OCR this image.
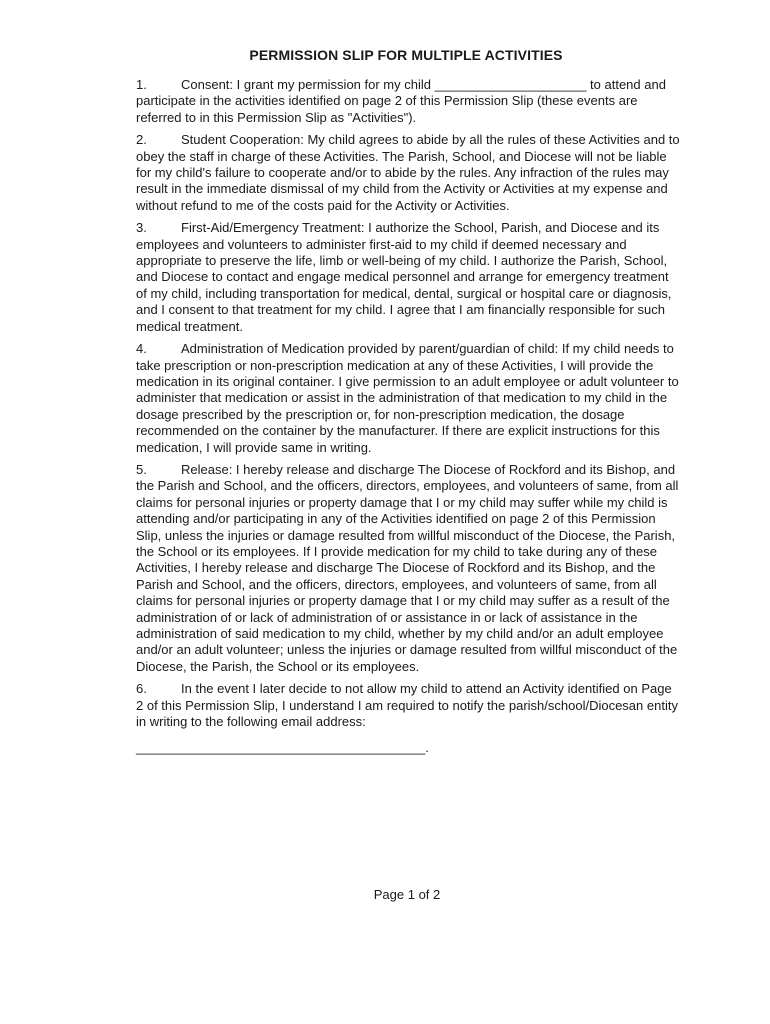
PERMISSION SLIP FOR MULTIPLE ACTIVITIES

1.	Consent: I grant my permission for my child _____________________ to attend and participate in the activities identified on page 2 of this Permission Slip (these events are referred to in this Permission Slip as "Activities").

2.	Student Cooperation: My child agrees to abide by all the rules of these Activities and to obey the staff in charge of these Activities. The Parish, School, and Diocese will not be liable for my child's failure to cooperate and/or to abide by the rules. Any infraction of the rules may result in the immediate dismissal of my child from the Activity or Activities at my expense and without refund to me of the costs paid for the Activity or Activities.

3.	First-Aid/Emergency Treatment: I authorize the School, Parish, and Diocese and its employees and volunteers to administer first-aid to my child if deemed necessary and appropriate to preserve the life, limb or well-being of my child. I authorize the Parish, School, and Diocese to contact and engage medical personnel and arrange for emergency treatment of my child, including transportation for medical, dental, surgical or hospital care or diagnosis, and I consent to that treatment for my child. I agree that I am financially responsible for such medical treatment.

4.	Administration of Medication provided by parent/guardian of child: If my child needs to take prescription or non-prescription medication at any of these Activities, I will provide the medication in its original container. I give permission to an adult employee or adult volunteer to administer that medication or assist in the administration of that medication to my child in the dosage prescribed by the prescription or, for non-prescription medication, the dosage recommended on the container by the manufacturer. If there are explicit instructions for this medication, I will provide same in writing.

5.	Release: I hereby release and discharge The Diocese of Rockford and its Bishop, and the Parish and School, and the officers, directors, employees, and volunteers of same, from all claims for personal injuries or property damage that I or my child may suffer while my child is attending and/or participating in any of the Activities identified on page 2 of this Permission Slip, unless the injuries or damage resulted from willful misconduct of the Diocese, the Parish, the School or its employees. If I provide medication for my child to take during any of these Activities, I hereby release and discharge The Diocese of Rockford and its Bishop, and the Parish and School, and the officers, directors, employees, and volunteers of same, from all claims for personal injuries or property damage that I or my child may suffer as a result of the administration of or lack of administration of or assistance in or lack of assistance in the administration of said medication to my child, whether by my child and/or an adult employee and/or an adult volunteer; unless the injuries or damage resulted from willful misconduct of the Diocese, the Parish, the School or its employees.

6.	In the event I later decide to not allow my child to attend an Activity identified on Page 2 of this Permission Slip, I understand I am required to notify the parish/school/Diocesan entity in writing to the following email address:

________________________________________.
Page 1 of 2
